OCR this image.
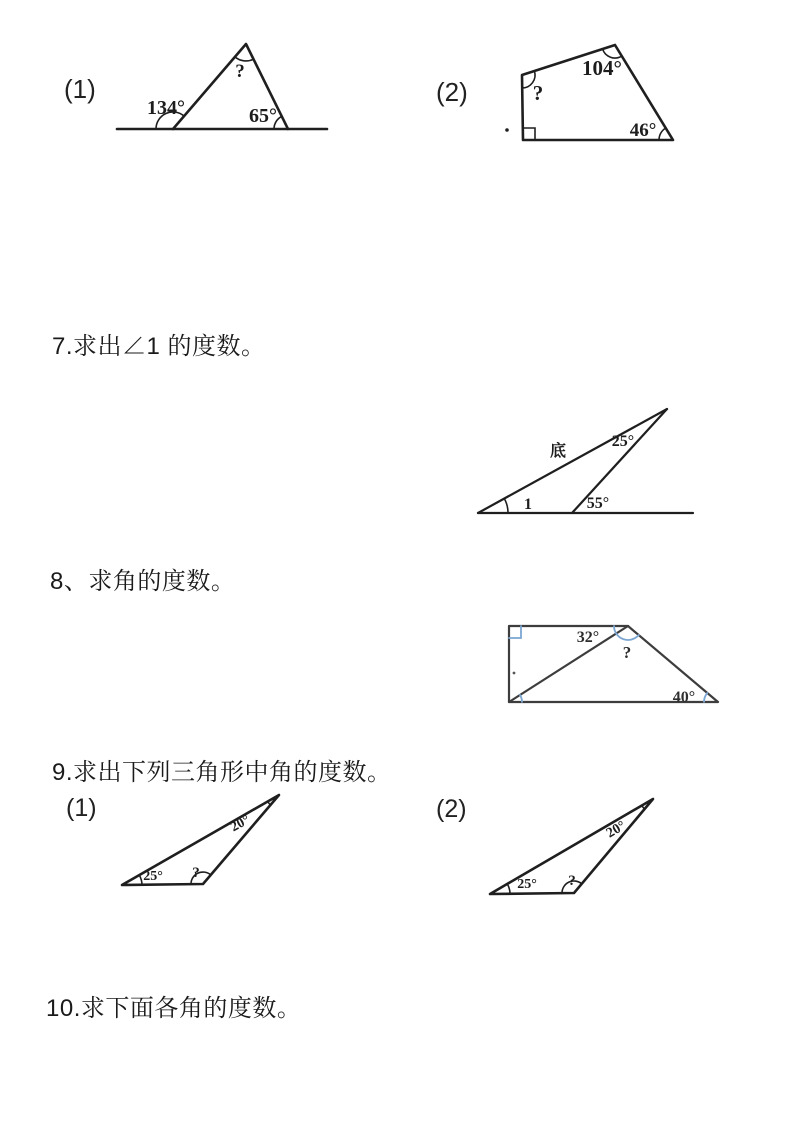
(1)
134°	65°
?
(2)
104°
?
46°
7.求出∠1 的度数。
底
25°
55°
1
8、求角的度数。
32°
?
40°
9.求出下列三角形中角的度数。
(1)
25° ?
20°
(2)
25° ?
20°
10.求下面各角的度数。
